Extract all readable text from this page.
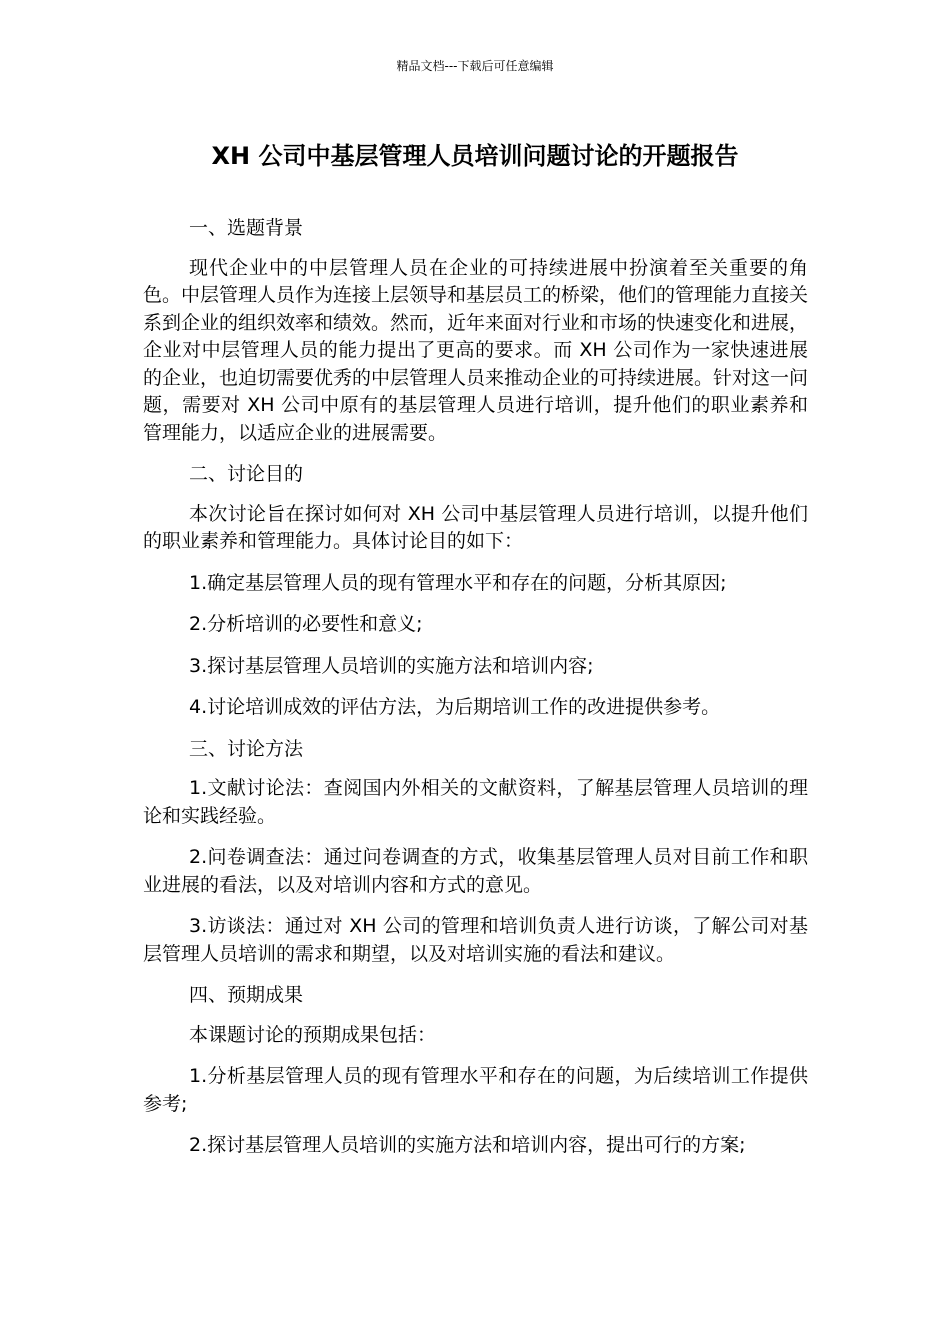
精品文档---下载后可任意编辑
XH 公司中基层管理人员培训问题讨论的开题报告

一、选题背景

现代企业中的中层管理人员在企业的可持续进展中扮演着至关重要的角色。中层管理人员作为连接上层领导和基层员工的桥梁，他们的管理能力直接关系到企业的组织效率和绩效。然而，近年来面对行业和市场的快速变化和进展，企业对中层管理人员的能力提出了更高的要求。而 XH 公司作为一家快速进展的企业，也迫切需要优秀的中层管理人员来推动企业的可持续进展。针对这一问题，需要对 XH 公司中原有的基层管理人员进行培训，提升他们的职业素养和管理能力，以适应企业的进展需要。

二、讨论目的

本次讨论旨在探讨如何对 XH 公司中基层管理人员进行培训，以提升他们的职业素养和管理能力。具体讨论目的如下：

1.确定基层管理人员的现有管理水平和存在的问题，分析其原因;

2.分析培训的必要性和意义;

3.探讨基层管理人员培训的实施方法和培训内容;

4.讨论培训成效的评估方法，为后期培训工作的改进提供参考。

三、讨论方法

1.文献讨论法：查阅国内外相关的文献资料，了解基层管理人员培训的理论和实践经验。

2.问卷调查法：通过问卷调查的方式，收集基层管理人员对目前工作和职业进展的看法，以及对培训内容和方式的意见。

3.访谈法：通过对 XH 公司的管理和培训负责人进行访谈，了解公司对基层管理人员培训的需求和期望，以及对培训实施的看法和建议。

四、预期成果

本课题讨论的预期成果包括：

1.分析基层管理人员的现有管理水平和存在的问题，为后续培训工作提供参考;

2.探讨基层管理人员培训的实施方法和培训内容，提出可行的方案;
